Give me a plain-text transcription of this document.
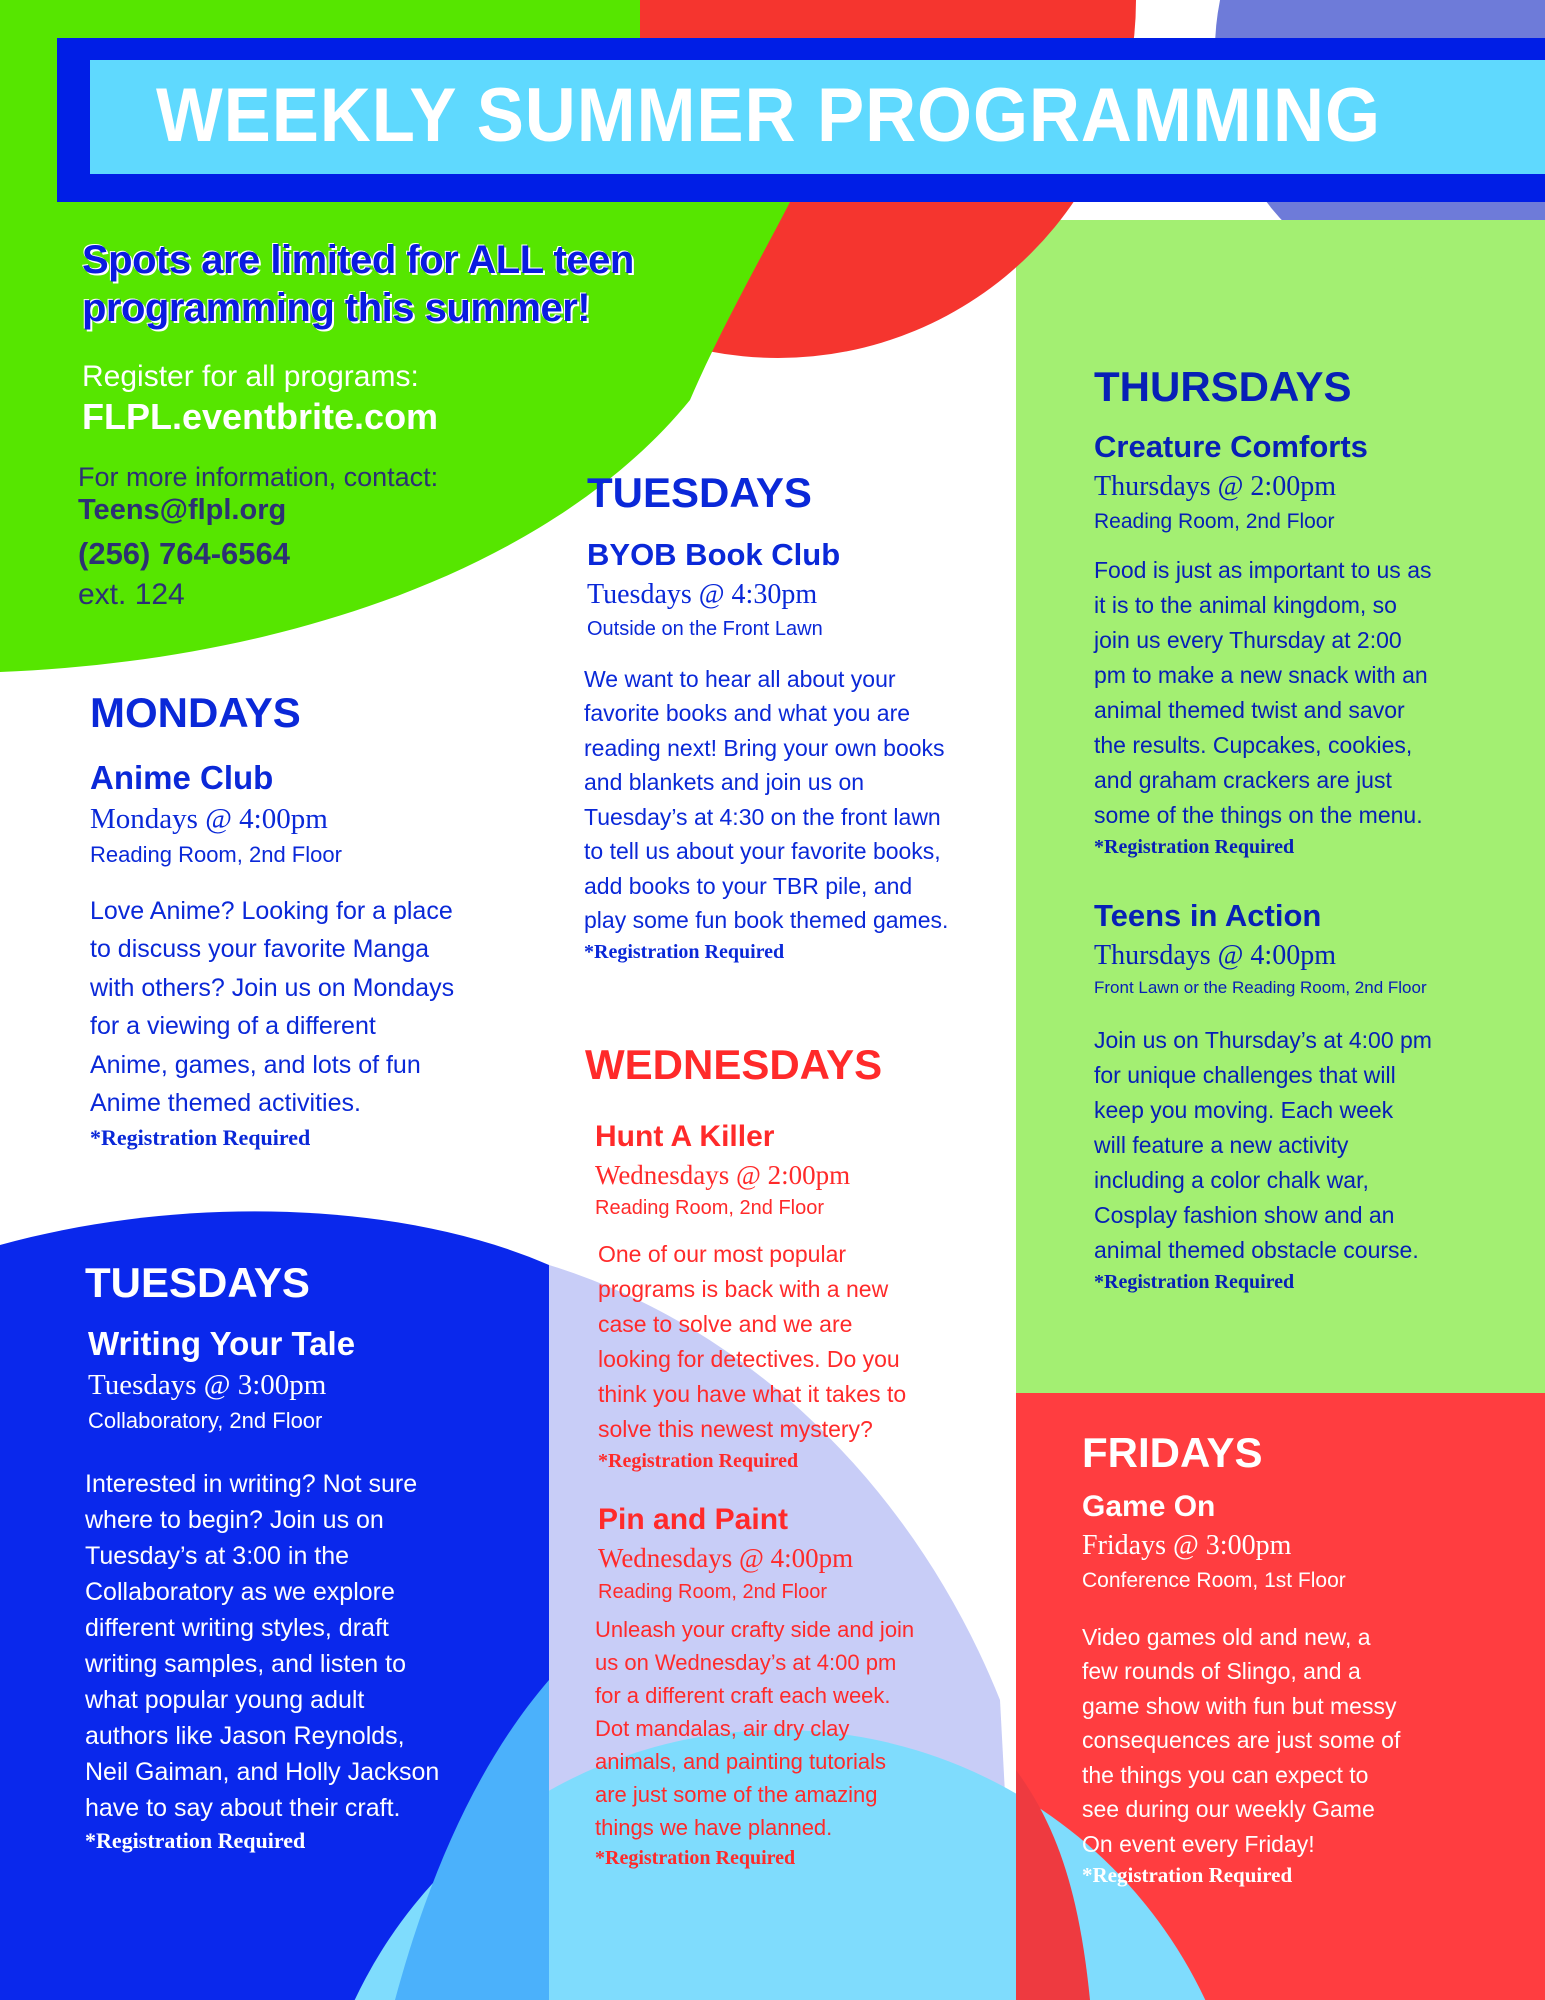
WEEKLY SUMMER PROGRAMMING
Spots are limited for ALL teen
programming this summer!
Register for all programs:
FLPL.eventbrite.com
For more information, contact:
Teens@flpl.org
(256) 764-6564
ext. 124
MONDAYS
Anime Club
Mondays @ 4:00pm
Reading Room, 2nd Floor
Love Anime? Looking for a place
to discuss your favorite Manga
with others? Join us on Mondays
for a viewing of a different
Anime, games, and lots of fun
Anime themed activities.
*Registration Required
TUESDAYS
Writing Your Tale
Tuesdays @ 3:00pm
Collaboratory, 2nd Floor
Interested in writing? Not sure
where to begin? Join us on
Tuesday’s at 3:00 in the
Collaboratory as we explore
different writing styles, draft
writing samples, and listen to
what popular young adult
authors like Jason Reynolds,
Neil Gaiman, and Holly Jackson
have to say about their craft.
*Registration Required
TUESDAYS
BYOB Book Club
Tuesdays @ 4:30pm
Outside on the Front Lawn
We want to hear all about your
favorite books and what you are
reading next! Bring your own books
and blankets and join us on
Tuesday’s at 4:30 on the front lawn
to tell us about your favorite books,
add books to your TBR pile, and
play some fun book themed games.
*Registration Required
WEDNESDAYS
Hunt A Killer
Wednesdays @ 2:00pm
Reading Room, 2nd Floor
One of our most popular
programs is back with a new
case to solve and we are
looking for detectives. Do you
think you have what it takes to
solve this newest mystery?
*Registration Required
Pin and Paint
Wednesdays @ 4:00pm
Reading Room, 2nd Floor
Unleash your crafty side and join
us on Wednesday’s at 4:00 pm
for a different craft each week.
Dot mandalas, air dry clay
animals, and painting tutorials
are just some of the amazing
things we have planned.
*Registration Required
THURSDAYS
Creature Comforts
Thursdays @ 2:00pm
Reading Room, 2nd Floor
Food is just as important to us as
it is to the animal kingdom, so
join us every Thursday at 2:00
pm to make a new snack with an
animal themed twist and savor
the results. Cupcakes, cookies,
and graham crackers are just
some of the things on the menu.
*Registration Required
Teens in Action
Thursdays @ 4:00pm
Front Lawn or the Reading Room, 2nd Floor
Join us on Thursday’s at 4:00 pm
for unique challenges that will
keep you moving. Each week
will feature a new activity
including a color chalk war,
Cosplay fashion show and an
animal themed obstacle course.
*Registration Required
FRIDAYS
Game On
Fridays @ 3:00pm
Conference Room, 1st Floor
Video games old and new, a
few rounds of Slingo, and a
game show with fun but messy
consequences are just some of
the things you can expect to
see during our weekly Game
On event every Friday!
*Registration Required
